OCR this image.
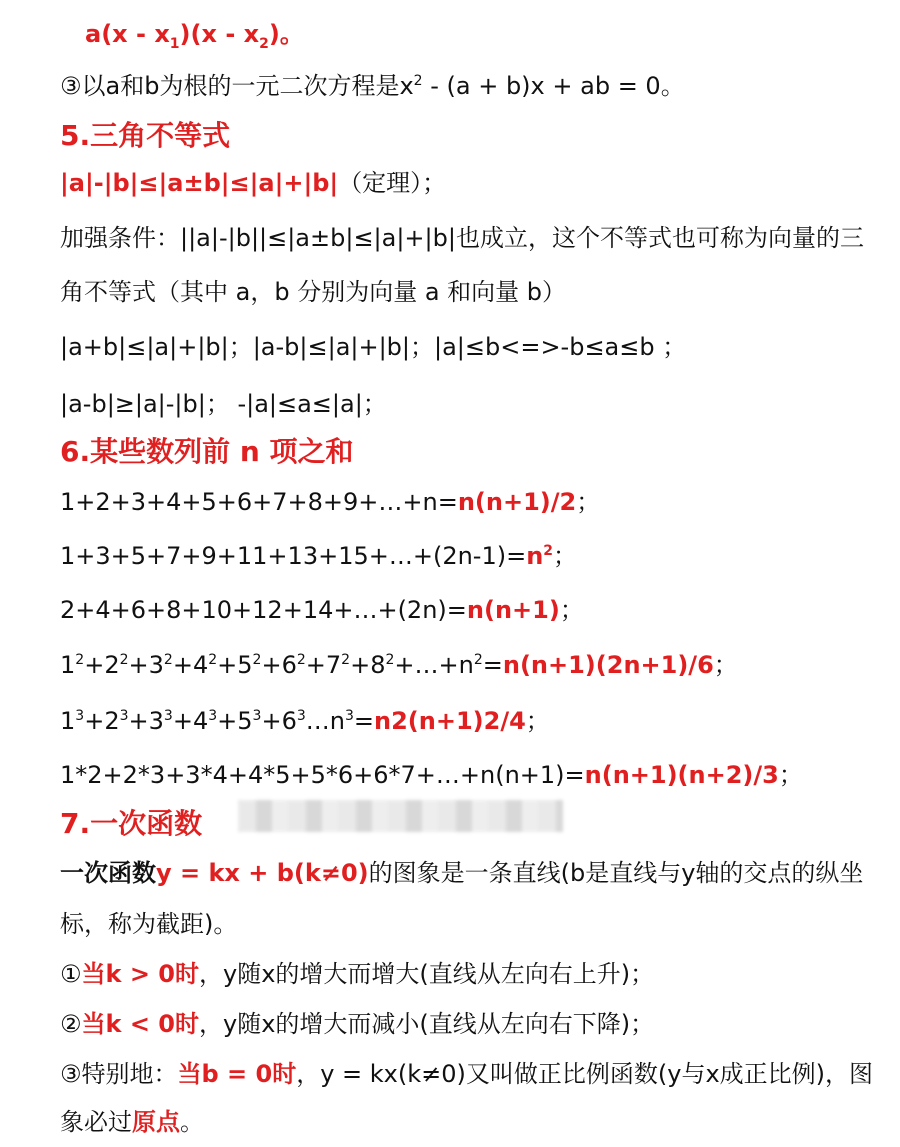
$a(x - x_1)(x - x_2)$。
③以a和b为根的一元二次方程是$x^2 - (a + b)x$ + ab = 0。
5.三角不等式
|a|-|b|≤|a±b|≤|a|+|b|（定理）；
加强条件：||a|-|b||≤|a±b|≤|a|+|b|也成立，这个不等式也可称为向量的三
角不等式（其中 a，b 分别为向量 a 和向量 b）
|a+b|≤|a|+|b|；|a-b|≤|a|+|b|；|a|≤b<=>-b≤a≤b ；
|a-b|≥|a|-|b|； -|a|≤a≤|a|；
6.某些数列前 n 项之和
1+2+3+4+5+6+7+8+9+…+n=n(n+1)/2；
$1+3+5+7+9+11+13+15+\dots+(2n-1)=n^2$；
2+4+6+8+10+12+14+…+(2n)=n(n+1)；
$1^2+2^2+3^2+4^2+5^2+6^2+7^2+8^2+\dots+n^2=n(n+1)(2n+1)/6$；
$1^3+2^3+3^3+4^3+5^3+6^3\dots n^3=n2(n+1)2/4$；
1*2+2*3+3*4+4*5+5*6+6*7+…+n(n+1)=n(n+1)(n+2)/3；
7.一次函数
一次函数y = kx + b(k≠0)的图象是一条直线(b是直线与y轴的交点的纵坐
标，称为截距)。
①当k > 0时，y随x的增大而增大(直线从左向右上升)；
②当k < 0时，y随x的增大而减小(直线从左向右下降)；
③特别地：当b = 0时，y = kx(k≠0)又叫做正比例函数(y与x成正比例)，图
象必过原点。
